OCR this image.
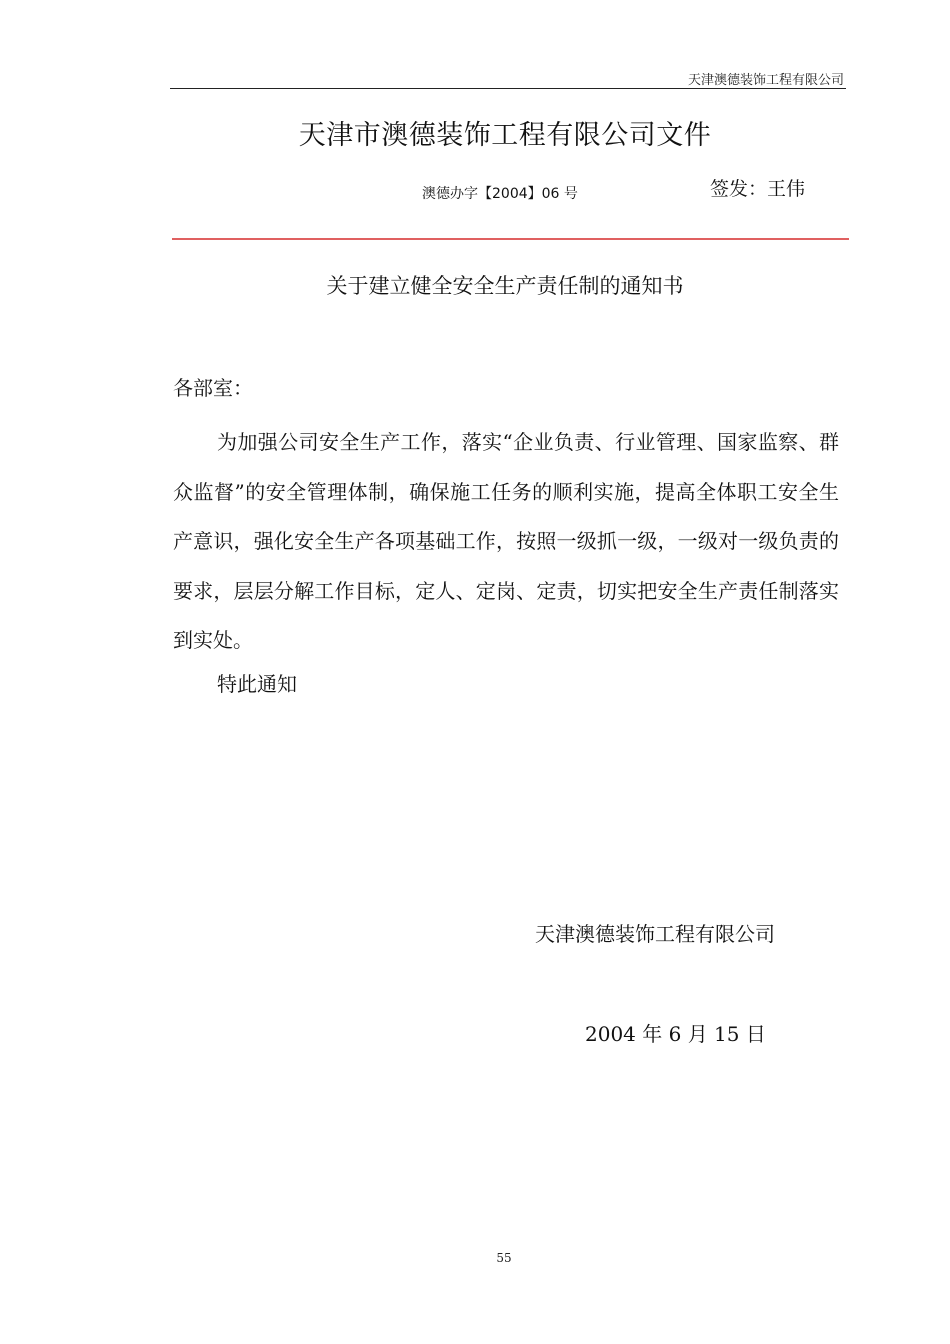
天津澳德装饰工程有限公司
天津市澳德装饰工程有限公司文件
澳德办字【2004】06 号	签发：王伟
关于建立健全安全生产责任制的通知书
各部室：
为加强公司安全生产工作，落实“企业负责、行业管理、国家监察、群众监督”的安全管理体制，确保施工任务的顺利实施，提高全体职工安全生产意识，强化安全生产各项基础工作，按照一级抓一级，一级对一级负责的要求，层层分解工作目标，定人、定岗、定责，切实把安全生产责任制落实到实处。
特此通知
天津澳德装饰工程有限公司
2004 年 6 月 15 日
55
